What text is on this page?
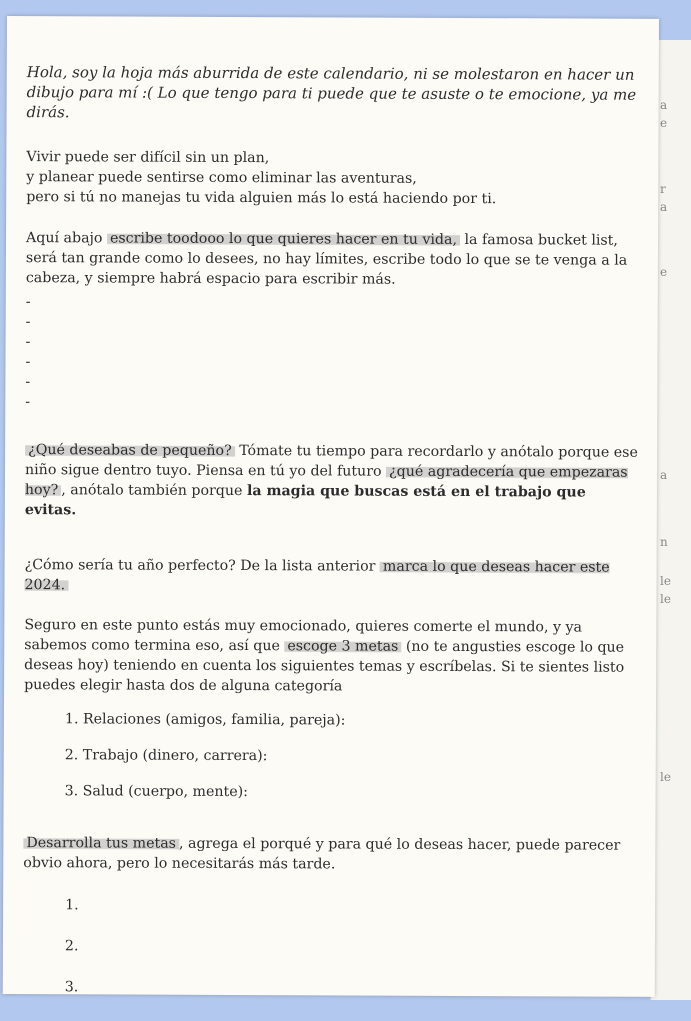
a
e
r
a
e
a
n
le
le
le

Hola, soy la hoja más aburrida de este calendario, ni se molestaron en hacer un dibujo para mí :( Lo que tengo para ti puede que te asuste o te emocione, ya me dirás.

Vivir puede ser difícil sin un plan,

y planear puede sentirse como eliminar las aventuras,

pero si tú no manejas tu vida alguien más lo está haciendo por ti.

Aquí abajo escribe toodooo lo que quieres hacer en tu vida, la famosa bucket list, será tan grande como lo desees, no hay límites, escribe todo lo que se te venga a la cabeza, y siempre habrá espacio para escribir más.

-
-
-
-
-
-

¿Qué deseabas de pequeño? Tómate tu tiempo para recordarlo y anótalo porque ese niño sigue dentro tuyo. Piensa en tú yo del futuro ¿qué agradecería que empezaras hoy? , anótalo también porque la magia que buscas está en el trabajo que evitas.

¿Cómo sería tu año perfecto? De la lista anterior marca lo que deseas hacer este 2024.

Seguro en este punto estás muy emocionado, quieres comerte el mundo, y ya sabemos como termina eso, así que escoge 3 metas (no te angusties escoge lo que deseas hoy) teniendo en cuenta los siguientes temas y escríbelas. Si te sientes listo puedes elegir hasta dos de alguna categoría

1. Relaciones (amigos, familia, pareja):
2. Trabajo (dinero, carrera):
3. Salud (cuerpo, mente):

Desarrolla tus metas , agrega el porqué y para qué lo deseas hacer, puede parecer obvio ahora, pero lo necesitarás más tarde.

1.
2.
3.
